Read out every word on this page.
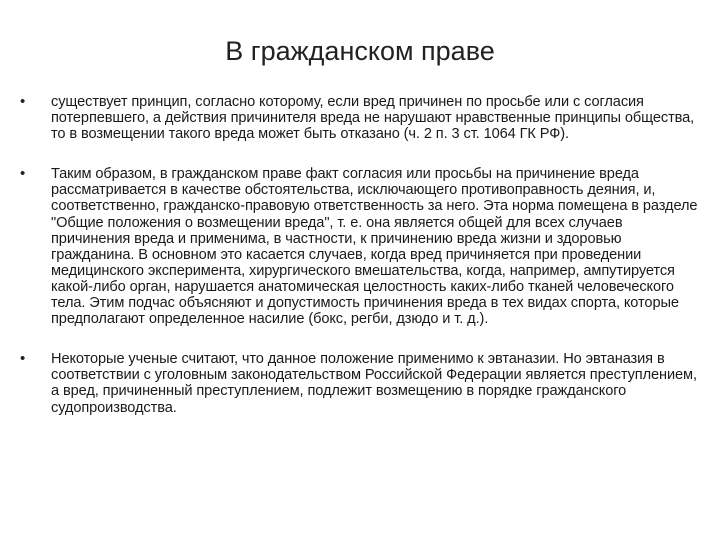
В гражданском праве
• существует принцип, согласно которому, если вред причинен по просьбе или с согласия потерпевшего, а действия причинителя вреда не нарушают нравственные принципы общества, то в возмещении такого вреда может быть отказано (ч. 2 п. 3 ст. 1064 ГК РФ).
• Таким образом, в гражданском праве факт согласия или просьбы на причинение вреда рассматривается в качестве обстоятельства, исключающего противоправность деяния, и, соответственно, гражданско-правовую ответственность за него. Эта норма помещена в разделе "Общие положения о возмещении вреда", т. е. она является общей для всех случаев причинения вреда и применима, в частности, к причинению вреда жизни и здоровью гражданина. В основном это касается случаев, когда вред причиняется при проведении медицинского эксперимента, хирургического вмешательства, когда, например, ампутируется какой-либо орган, нарушается анатомическая целостность каких-либо тканей человеческого тела. Этим подчас объясняют и допустимость причинения вреда в тех видах спорта, которые предполагают определенное насилие (бокс, регби, дзюдо и т. д.).
• Некоторые ученые считают, что данное положение применимо к эвтаназии. Но эвтаназия в соответствии с уголовным законодательством Российской Федерации является преступлением, а вред, причиненный преступлением, подлежит возмещению в порядке гражданского судопроизводства.
